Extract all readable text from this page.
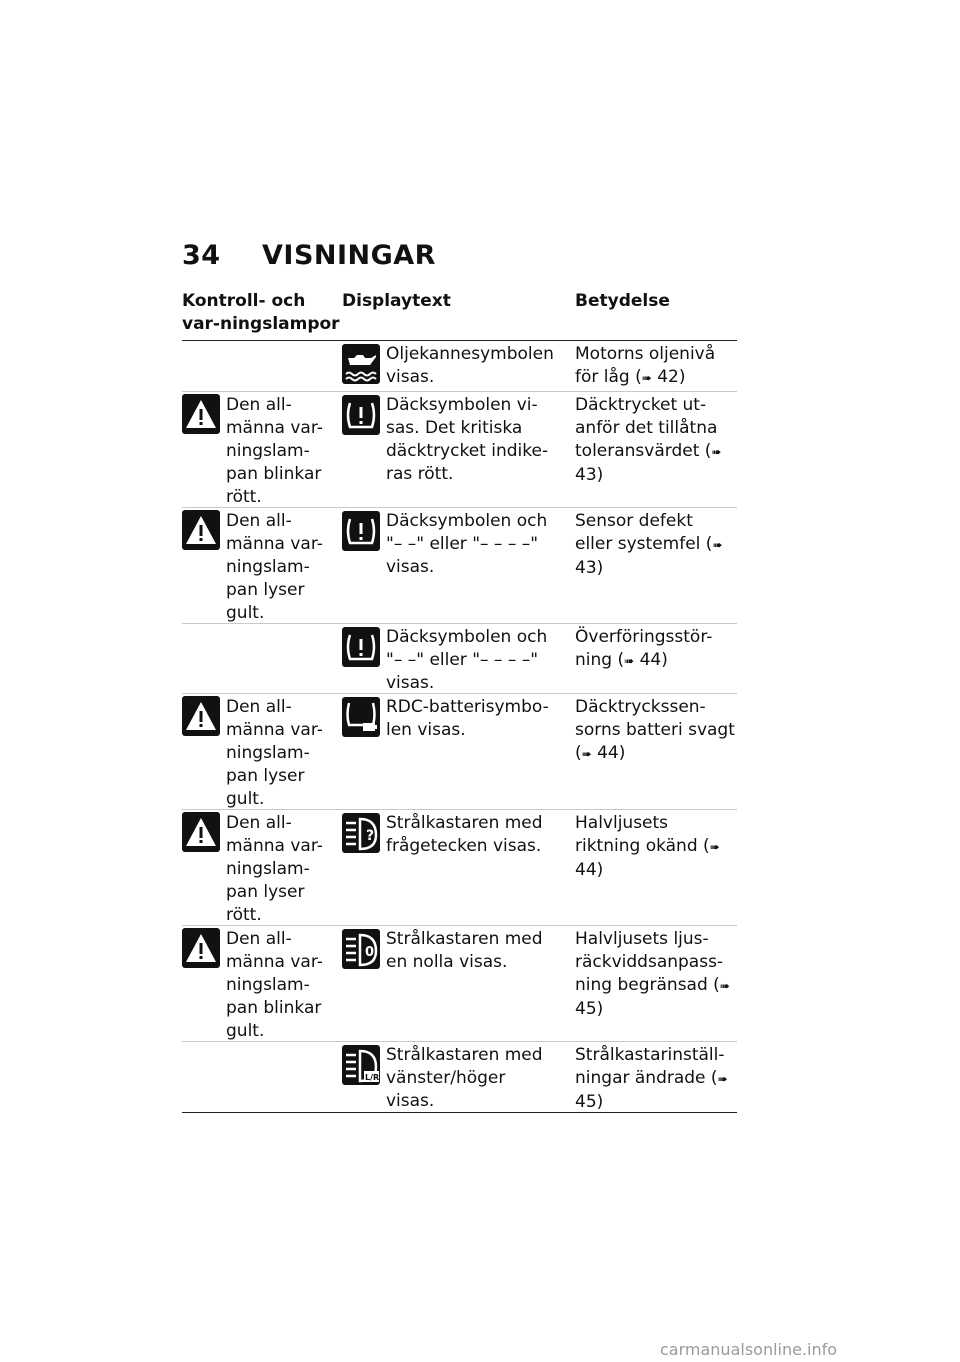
34 VISNINGAR
Kontroll- och var-ningslampor
Displaytext	Betydelse
Oljekannesymbolen visas.
Motorns oljenivå för låg (➠ 42)
Den all-männa var-ningslam-pan blinkar rött.
Däcksymbolen vi-sas. Det kritiska däcktrycket indike-ras rött.
Däcktrycket ut-anför det tillåtna toleransvärdet (➠ 43)
Den all-männa var-ningslam-pan lyser gult.
Däcksymbolen och "– –" eller "– – – –" visas.
Sensor defekt eller systemfel (➠ 43)
Däcksymbolen och "– –" eller "– – – –" visas.
Överföringsstör-ning (➠ 44)
Den all-männa var-ningslam-pan lyser gult.
RDC-batterisymbo-len visas.
Däcktryckssen-sorns batteri svagt (➠ 44)
Den all-männa var-ningslam-pan lyser rött.
?
Strålkastaren med frågetecken visas.
Halvljusets riktning okänd (➠ 44)
Den all-männa var-ningslam-pan blinkar gult.
0
Strålkastaren med en nolla visas.
Halvljusets ljus-räckviddsanpass-ning begränsad (➠ 45)
L/R
Strålkastaren med vänster/höger visas.
Strålkastarinställ-ningar ändrade (➠ 45)
carmanualsonline.info
